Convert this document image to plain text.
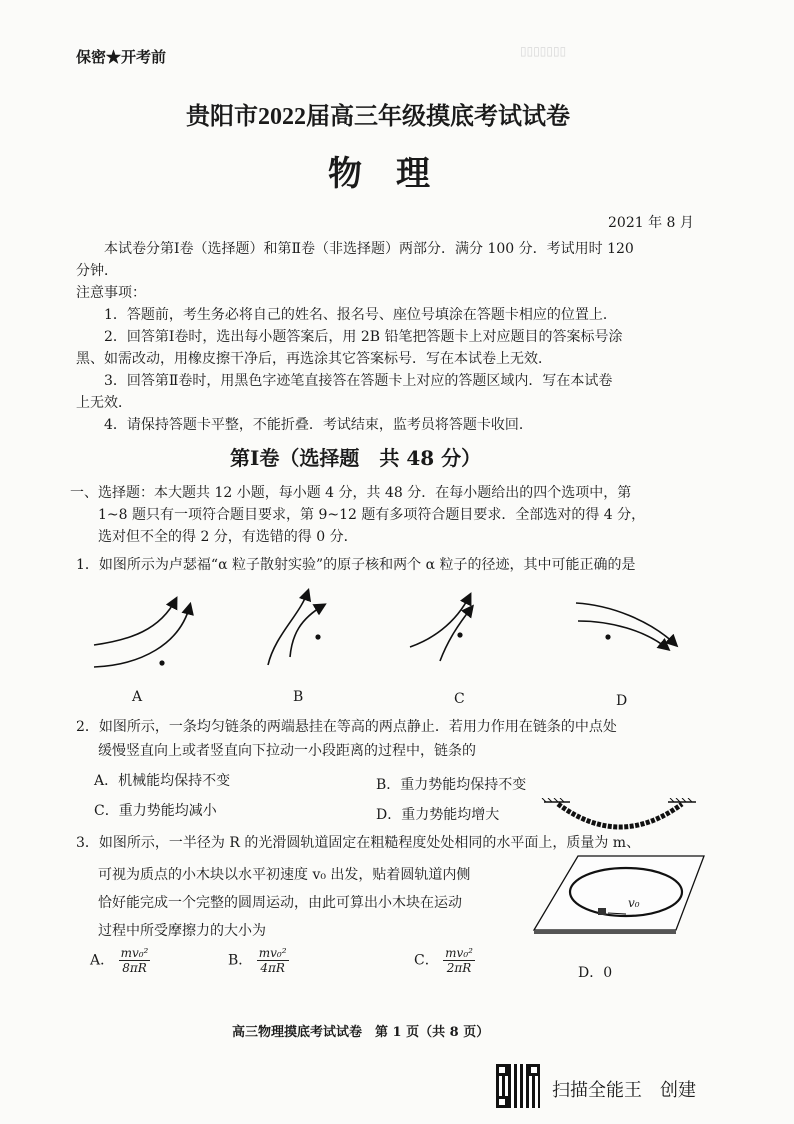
保密★开考前	▯▯▯▯▯▯▯
贵阳市2022届高三年级摸底考试试卷
物　理
2021 年 8 月
本试卷分第Ⅰ卷（选择题）和第Ⅱ卷（非选择题）两部分．满分 100 分．考试用时 120
分钟．
注意事项：
1．答题前，考生务必将自己的姓名、报名号、座位号填涂在答题卡相应的位置上．
2．回答第Ⅰ卷时，选出每小题答案后，用 2B 铅笔把答题卡上对应题目的答案标号涂
黑、如需改动，用橡皮擦干净后，再选涂其它答案标号．写在本试卷上无效．
3．回答第Ⅱ卷时，用黑色字迹笔直接答在答题卡上对应的答题区域内．写在本试卷
上无效．
4．请保持答题卡平整，不能折叠．考试结束，监考员将答题卡收回．
第Ⅰ卷（选择题　共 48 分）
一、选择题：本大题共 12 小题，每小题 4 分，共 48 分．在每小题给出的四个选项中，第
1~8 题只有一项符合题目要求，第 9~12 题有多项符合题目要求．全部选对的得 4 分，
选对但不全的得 2 分，有选错的得 0 分．
1．如图所示为卢瑟福“α 粒子散射实验”的原子核和两个 α 粒子的径迹，其中可能正确的是
A	B	C	D
2．如图所示，一条均匀链条的两端悬挂在等高的两点静止．若用力作用在链条的中点处
缓慢竖直向上或者竖直向下拉动一小段距离的过程中，链条的
A．机械能均保持不变	B．重力势能均保持不变
C．重力势能均减小	D．重力势能均增大
3．如图所示，一半径为 R 的光滑圆轨道固定在粗糙程度处处相同的水平面上，质量为 m、
可视为质点的小木块以水平初速度 v₀ 出发，贴着圆轨道内侧
恰好能完成一个完整的圆周运动，由此可算出小木块在运动
过程中所受摩擦力的大小为
v₀
A． $\frac{\text{mv₀²}}{8\pi R}$	B． $\frac{\text{mv₀²}}{4\pi R}$	C． $\frac{\text{mv₀²}}{2\pi R}$	D．0
高三物理摸底考试试卷　第 1 页（共 8 页）
扫描全能王　创建
